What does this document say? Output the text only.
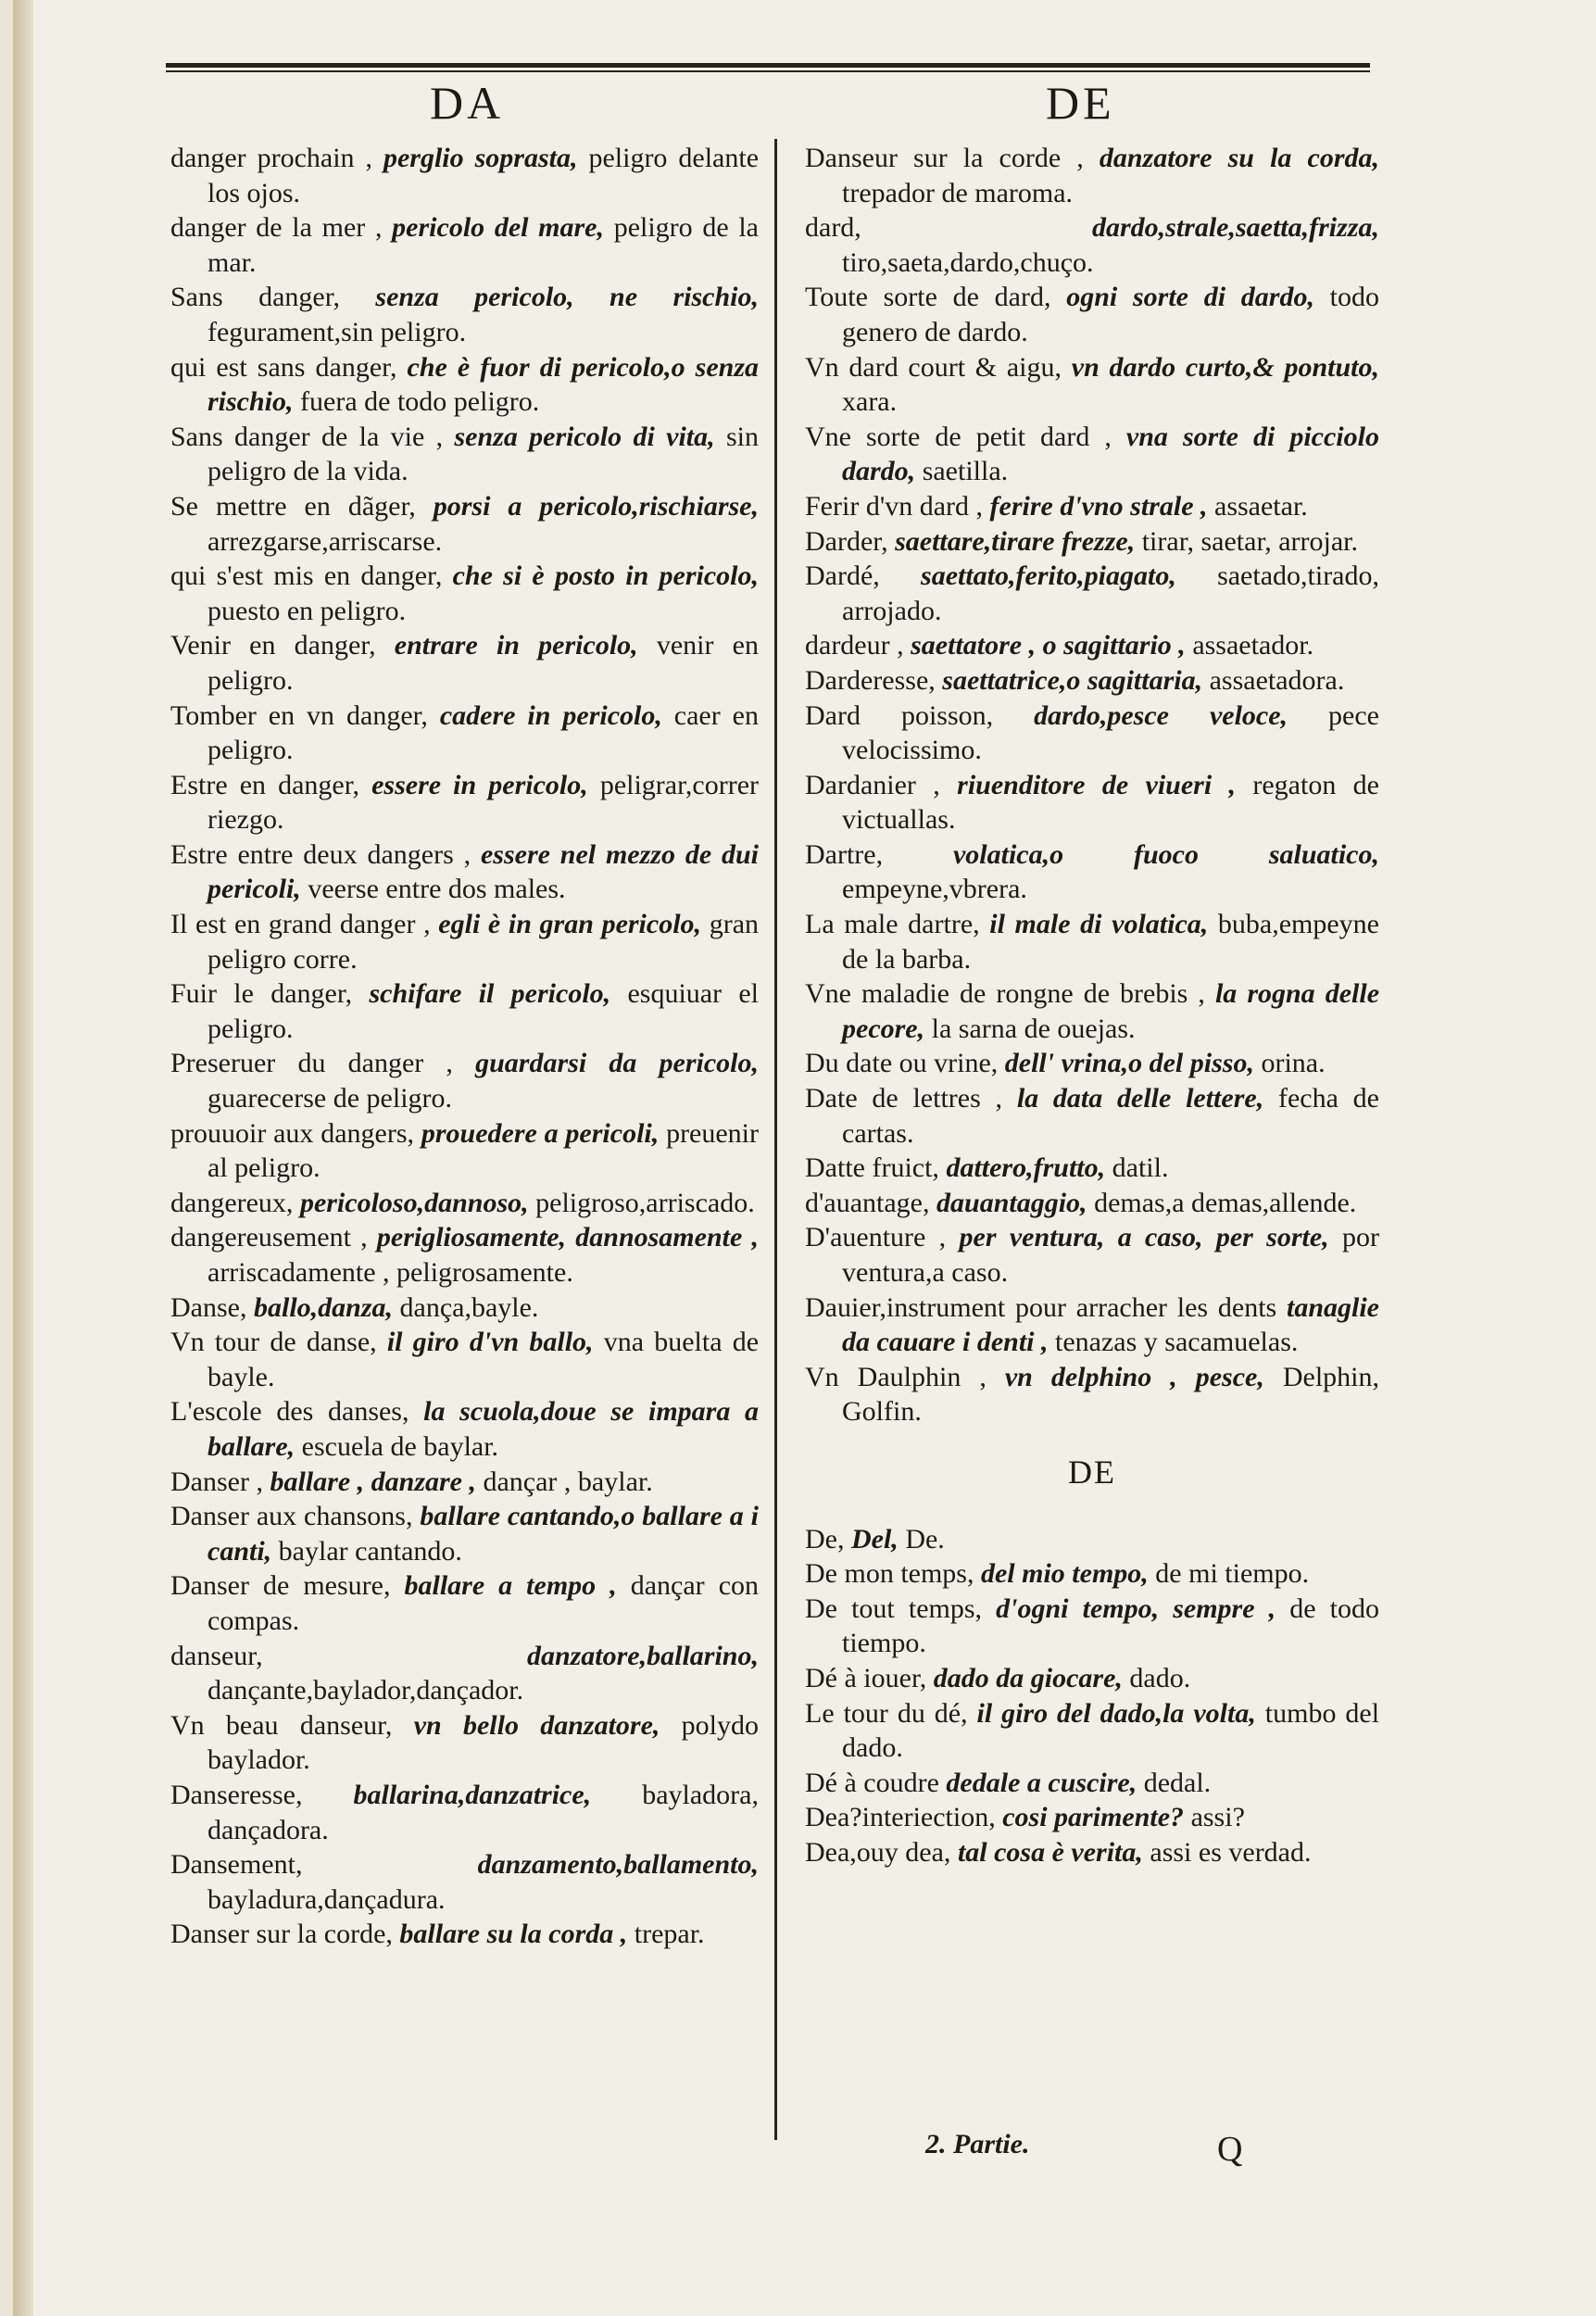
DA	DE

danger prochain , perglio soprasta, peligro delante los ojos.

danger de la mer , pericolo del mare, peligro de la mar.

Sans danger, senza pericolo, ne rischio, fegurament,sin peligro.

qui est sans danger, che è fuor di pericolo,o senza rischio, fuera de todo peligro.

Sans danger de la vie , senza pericolo di vita, sin peligro de la vida.

Se mettre en dãger, porsi a pericolo,rischiarse, arrezgarse,arriscarse.

qui s'est mis en danger, che si è posto in pericolo, puesto en peligro.

Venir en danger, entrare in pericolo, venir en peligro.

Tomber en vn danger, cadere in pericolo, caer en peligro.

Estre en danger, essere in pericolo, peligrar,correr riezgo.

Estre entre deux dangers , essere nel mezzo de dui pericoli, veerse entre dos males.

Il est en grand danger , egli è in gran pericolo, gran peligro corre.

Fuir le danger, schifare il pericolo, esquiuar el peligro.

Preseruer du danger , guardarsi da pericolo, guarecerse de peligro.

prouuoir aux dangers, prouedere a pericoli, preuenir al peligro.

dangereux, pericoloso,dannoso, peligroso,arriscado.

dangereusement , perigliosamente, dannosamente , arriscadamente , peligrosamente.

Danse, ballo,danza, dança,bayle.

Vn tour de danse, il giro d'vn ballo, vna buelta de bayle.

L'escole des danses, la scuola,doue se impara a ballare, escuela de baylar.

Danser , ballare , danzare , dançar , baylar.

Danser aux chansons, ballare cantando,o ballare a i canti, baylar cantando.

Danser de mesure, ballare a tempo , dançar con compas.

danseur,	danzatore,ballarino, dançante,baylador,dançador.

Vn beau danseur, vn bello danzatore, polydo baylador.

Danseresse, ballarina,danzatrice, bayladora, dançadora.

Dansement,	danzamento,ballamento, bayladura,dançadura.

Danser sur la corde, ballare su la corda , trepar.

Danseur sur la corde , danzatore su la corda, trepador de maroma.

dard,	dardo,strale,saetta,frizza, tiro,saeta,dardo,chuço.

Toute sorte de dard, ogni sorte di dardo, todo genero de dardo.

Vn dard court & aigu, vn dardo curto,& pontuto, xara.

Vne sorte de petit dard , vna sorte di picciolo dardo, saetilla.

Ferir d'vn dard , ferire d'vno strale , assaetar.

Darder, saettare,tirare frezze, tirar, saetar, arrojar.

Dardé, saettato,ferito,piagato, saetado,tirado, arrojado.

dardeur , saettatore , o sagittario , assaetador.

Darderesse, saettatrice,o sagittaria, assaetadora.

Dard poisson, dardo,pesce veloce, pece velocissimo.

Dardanier , riuenditore de viueri , regaton de victuallas.

Dartre,	volatica,o fuoco saluatico, empeyne,vbrera.

La male dartre, il male di volatica, buba,empeyne de la barba.

Vne maladie de rongne de brebis , la rogna delle pecore, la sarna de ouejas.

Du date ou vrine, dell' vrina,o del pisso, orina.

Date de lettres , la data delle lettere, fecha de cartas.

Datte fruict, dattero,frutto, datil.

d'auantage, dauantaggio, demas,a demas,allende.

D'auenture , per ventura, a caso, per sorte, por ventura,a caso.

Dauier,instrument pour arracher les dents tanaglie da cauare i denti , tenazas y sacamuelas.

Vn Daulphin , vn delphino , pesce, Delphin, Golfin.

DE

De, Del, De.

De mon temps, del mio tempo, de mi tiempo.

De tout temps, d'ogni tempo, sempre , de todo tiempo.

Dé à iouer, dado da giocare, dado.

Le tour du dé, il giro del dado,la volta, tumbo del dado.

Dé à coudre dedale a cuscire, dedal.

Dea?interiection, cosi parimente? assi?

Dea,ouy dea, tal cosa è verita, assi es verdad.

2. Partie.	Q
